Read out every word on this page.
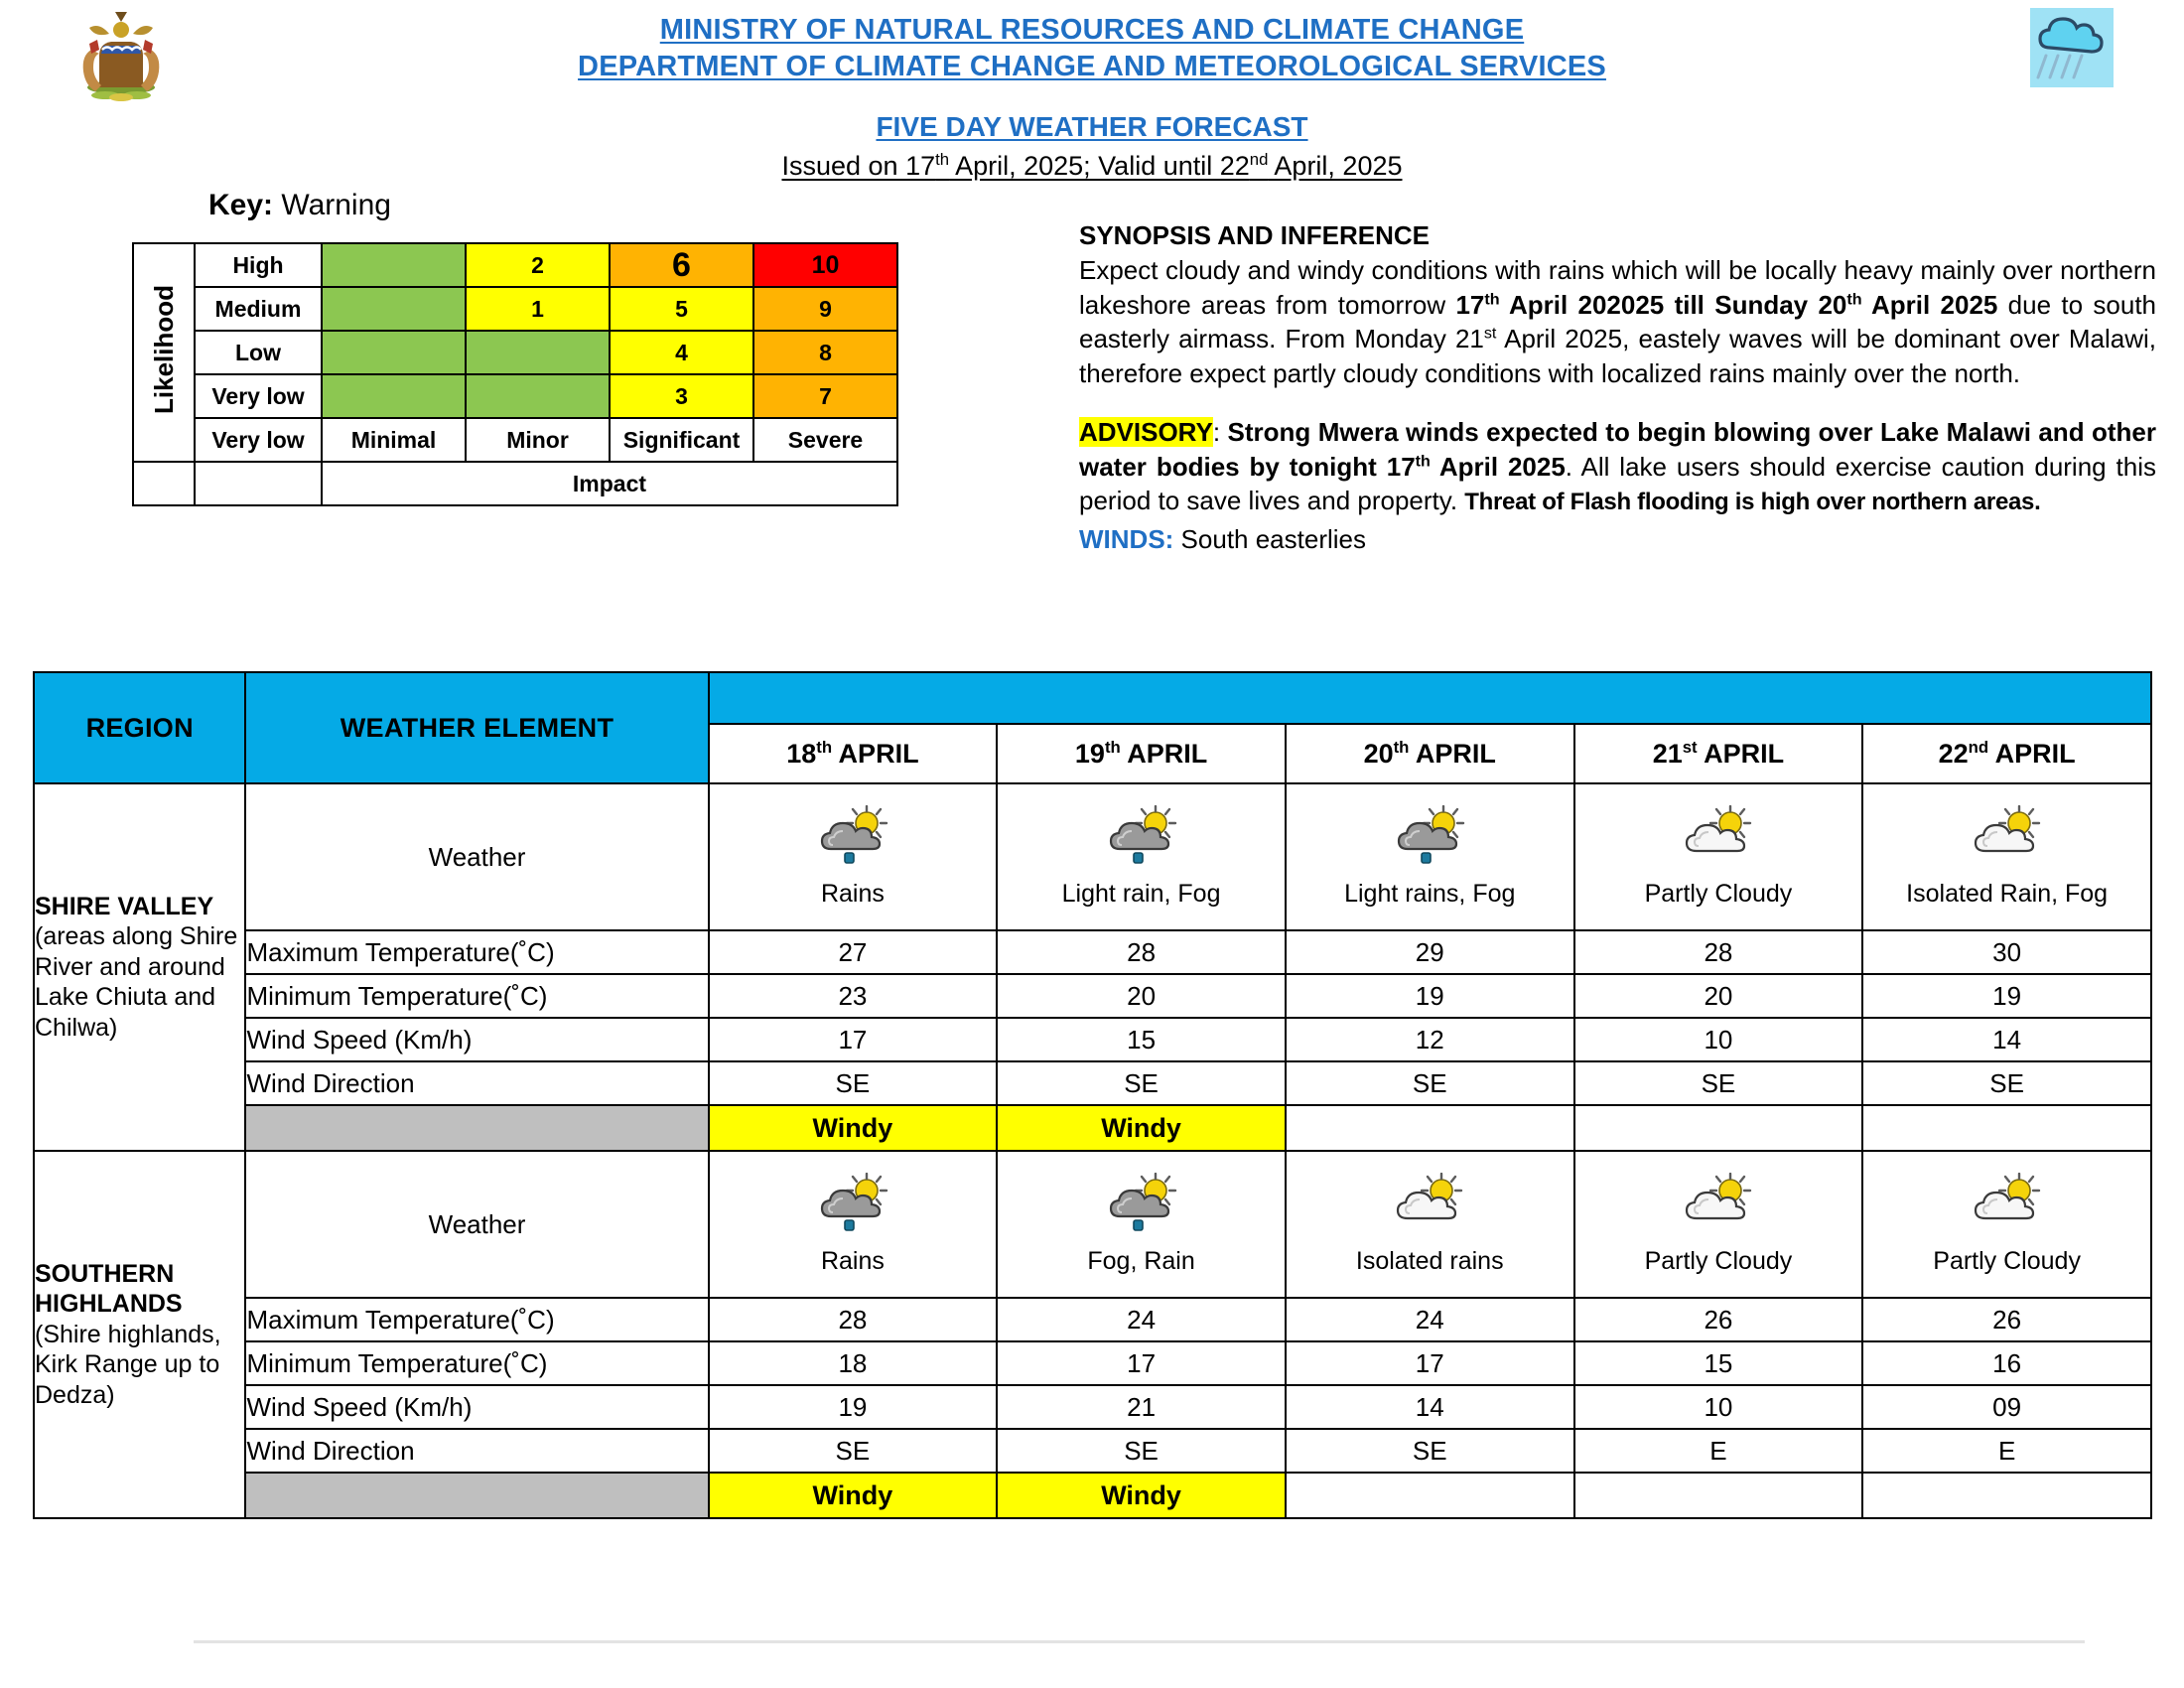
MINISTRY OF NATURAL RESOURCES AND CLIMATE CHANGE
DEPARTMENT OF CLIMATE CHANGE AND METEOROLOGICAL SERVICES
FIVE DAY WEATHER FORECAST
Issued on 17th April, 2025; Valid until 22nd April, 2025
Key: Warning
Likelihood	High		2	6	10
	Medium		1	5	9
	Low			4	8
	Very low			3	7
	Very low	Minimal	Minor	Significant	Severe
		Impact			
SYNOPSIS AND INFERENCE
Expect cloudy and windy conditions with rains which will be locally heavy mainly over northern lakeshore areas from tomorrow 17th April 202025 till Sunday 20th April 2025 due to south easterly airmass. From Monday 21st April 2025, eastely waves will be dominant over Malawi, therefore expect partly cloudy conditions with localized rains mainly over the north.
ADVISORY: Strong Mwera winds expected to begin blowing over Lake Malawi and other water bodies by tonight 17th April 2025. All lake users should exercise caution during this period to save lives and property. Threat of Flash flooding is high over northern areas.
WINDS: South easterlies
REGION	WEATHER ELEMENT					
		18th APRIL	19th APRIL	20th APRIL	21st APRIL	22nd APRIL

SHIRE VALLEY
(areas along Shire River and around Lake Chiuta and Chilwa)	Weather	Rains	Light rain, Fog	Light rains, Fog	Partly Cloudy	Isolated Rain, Fog

	Maximum Temperature(˚C)	27	28	29	28	30
	Minimum Temperature(˚C)	23	20	19	20	19
	Wind Speed (Km/h)	17	15	12	10	14
	Wind Direction	SE	SE	SE	SE	SE
		Windy	Windy			

SOUTHERN HIGHLANDS
(Shire highlands, Kirk Range up to Dedza)	Weather	Rains	Fog, Rain	Isolated rains	Partly Cloudy	Partly Cloudy

	Maximum Temperature(˚C)	28	24	24	26	26
	Minimum Temperature(˚C)	18	17	17	15	16
	Wind Speed (Km/h)	19	21	14	10	09
	Wind Direction	SE	SE	SE	E	E
		Windy	Windy			
